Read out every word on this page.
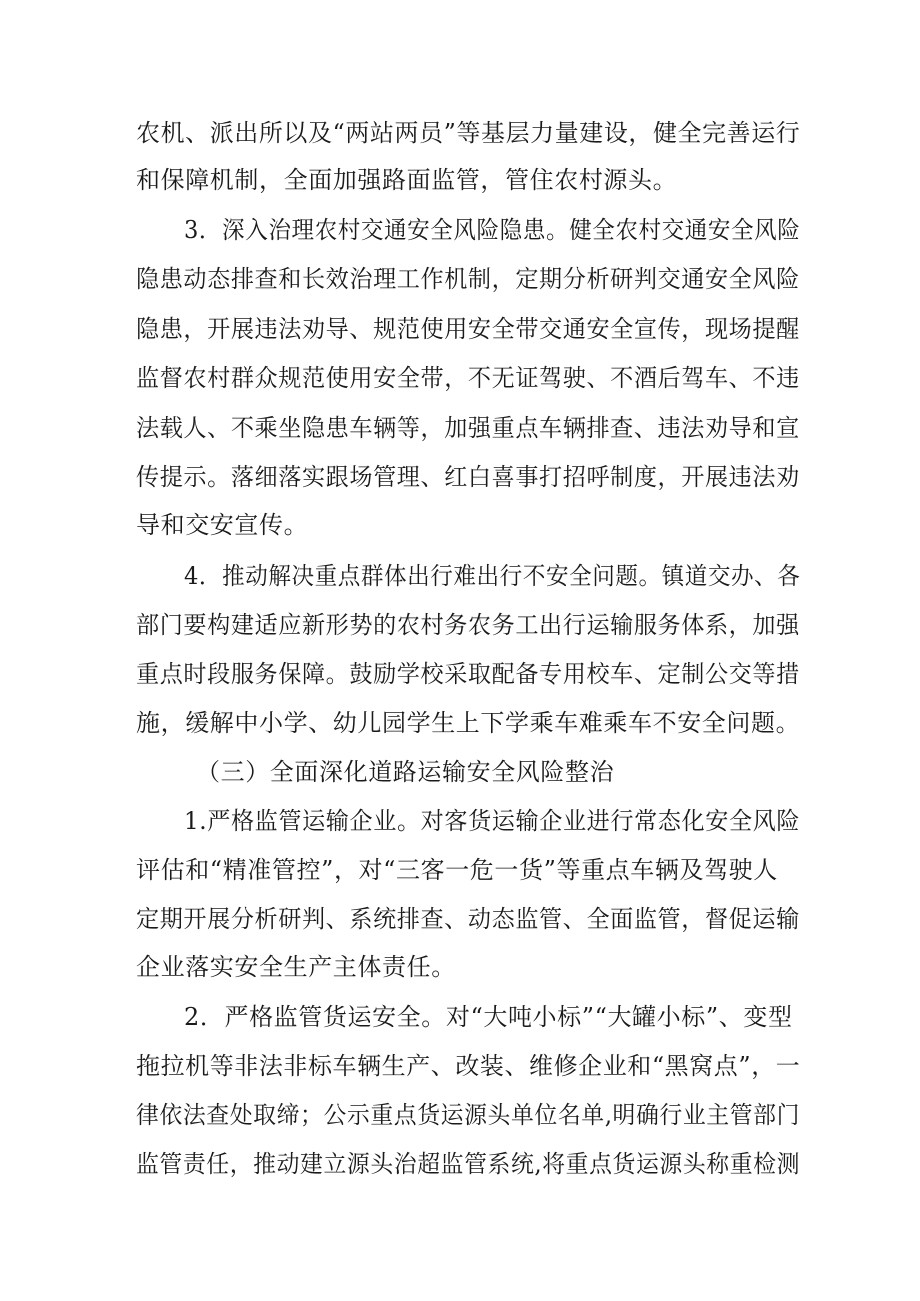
农机、派出所以及“两站两员”等基层力量建设，健全完善运行
和保障机制，全面加强路面监管，管住农村源头。
3．深入治理农村交通安全风险隐患。健全农村交通安全风险
隐患动态排查和长效治理工作机制，定期分析研判交通安全风险
隐患，开展违法劝导、规范使用安全带交通安全宣传，现场提醒
监督农村群众规范使用安全带，不无证驾驶、不酒后驾车、不违
法载人、不乘坐隐患车辆等，加强重点车辆排查、违法劝导和宣
传提示。落细落实跟场管理、红白喜事打招呼制度，开展违法劝
导和交安宣传。
4．推动解决重点群体出行难出行不安全问题。镇道交办、各
部门要构建适应新形势的农村务农务工出行运输服务体系，加强
重点时段服务保障。鼓励学校采取配备专用校车、定制公交等措
施，缓解中小学、幼儿园学生上下学乘车难乘车不安全问题。
（三）全面深化道路运输安全风险整治
1.严格监管运输企业。对客货运输企业进行常态化安全风险
评估和“精准管控”，对“三客一危一货”等重点车辆及驾驶人
定期开展分析研判、系统排查、动态监管、全面监管，督促运输
企业落实安全生产主体责任。
2．严格监管货运安全。对“大吨小标”“大罐小标”、变型
拖拉机等非法非标车辆生产、改装、维修企业和“黑窝点”，一
律依法查处取缔；公示重点货运源头单位名单,明确行业主管部门
监管责任，推动建立源头治超监管系统,将重点货运源头称重检测
